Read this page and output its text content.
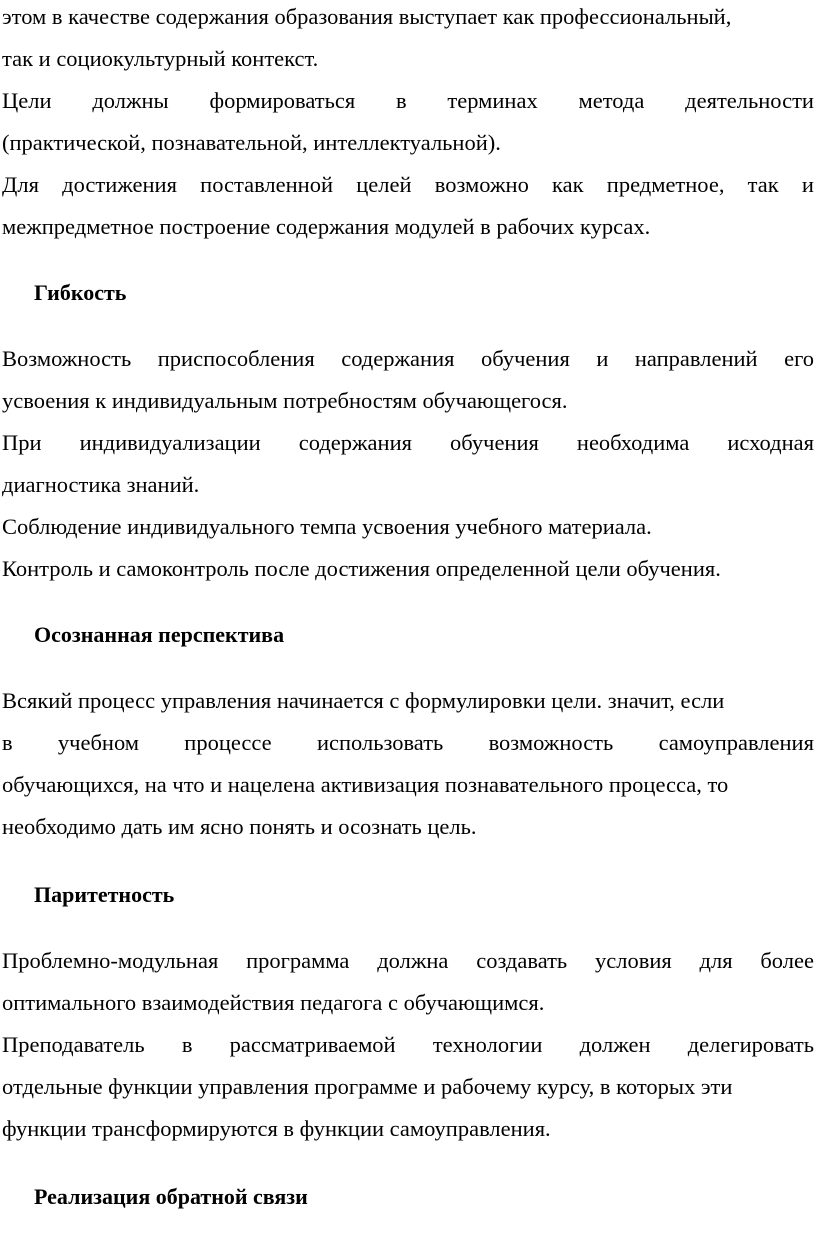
этом в качестве содержания образования выступает как профессиональный,
так и социокультурный контекст.
Цели должны формироваться в терминах метода деятельности
(практической, познавательной, интеллектуальной).
Для достижения поставленной целей возможно как предметное, так и
межпредметное построение содержания модулей в рабочих курсах.
Гибкость
Возможность приспособления содержания обучения и направлений его
усвоения к индивидуальным потребностям обучающегося.
При индивидуализации содержания обучения необходима исходная
диагностика знаний.
Соблюдение индивидуального темпа усвоения учебного материала.
Контроль и самоконтроль после достижения определенной цели обучения.
Осознанная перспектива
Всякий процесс управления начинается с формулировки цели. значит, если
в учебном процессе использовать возможность самоуправления
обучающихся, на что и нацелена активизация познавательного процесса, то
необходимо дать им ясно понять и осознать цель.
Паритетность
Проблемно-модульная программа должна создавать условия для более
оптимального взаимодействия педагога с обучающимся.
Преподаватель в рассматриваемой технологии должен делегировать
отдельные функции управления программе и рабочему курсу, в которых эти
функции трансформируются в функции самоуправления.
Реализация обратной связи
